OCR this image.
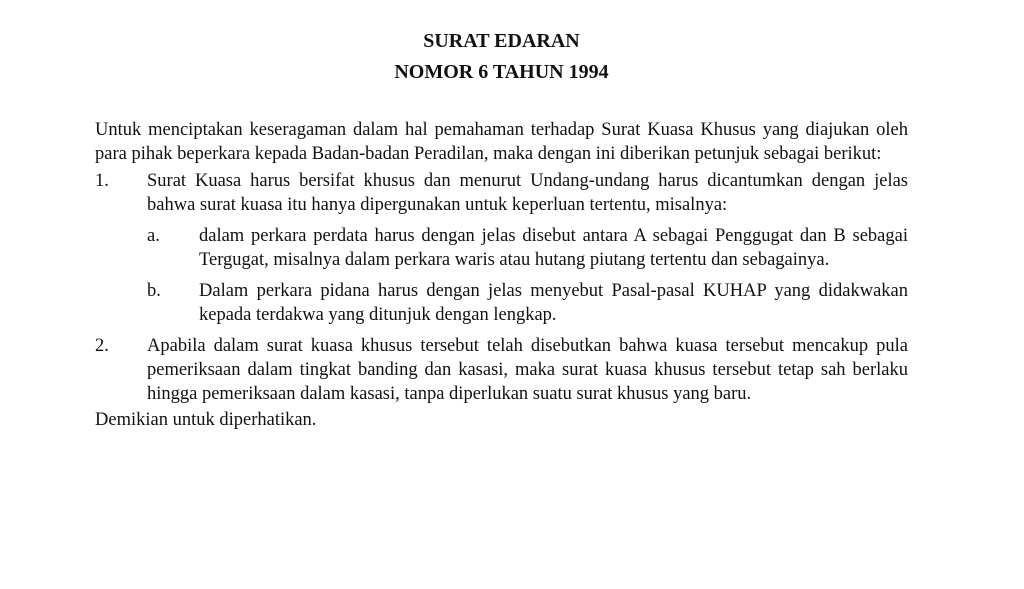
SURAT EDARAN

NOMOR 6 TAHUN 1994

Untuk menciptakan keseragaman dalam hal pemahaman terhadap Surat Kuasa Khusus yang diajukan oleh para pihak beperkara kepada Badan-badan Peradilan, maka dengan ini diberikan petunjuk sebagai berikut:

1.	Surat Kuasa harus bersifat khusus dan menurut Undang-undang harus dicantumkan dengan jelas bahwa surat kuasa itu hanya dipergunakan untuk keperluan tertentu, misalnya:
a.	dalam perkara perdata harus dengan jelas disebut antara A sebagai Penggugat dan B sebagai Tergugat, misalnya dalam perkara waris atau hutang piutang tertentu dan sebagainya.
b.	Dalam perkara pidana harus dengan jelas menyebut Pasal-pasal KUHAP yang didakwakan kepada terdakwa yang ditunjuk dengan lengkap.
2.	Apabila dalam surat kuasa khusus tersebut telah disebutkan bahwa kuasa tersebut mencakup pula pemeriksaan dalam tingkat banding dan kasasi, maka surat kuasa khusus tersebut tetap sah berlaku hingga pemeriksaan dalam kasasi, tanpa diperlukan suatu surat khusus yang baru.

Demikian untuk diperhatikan.
